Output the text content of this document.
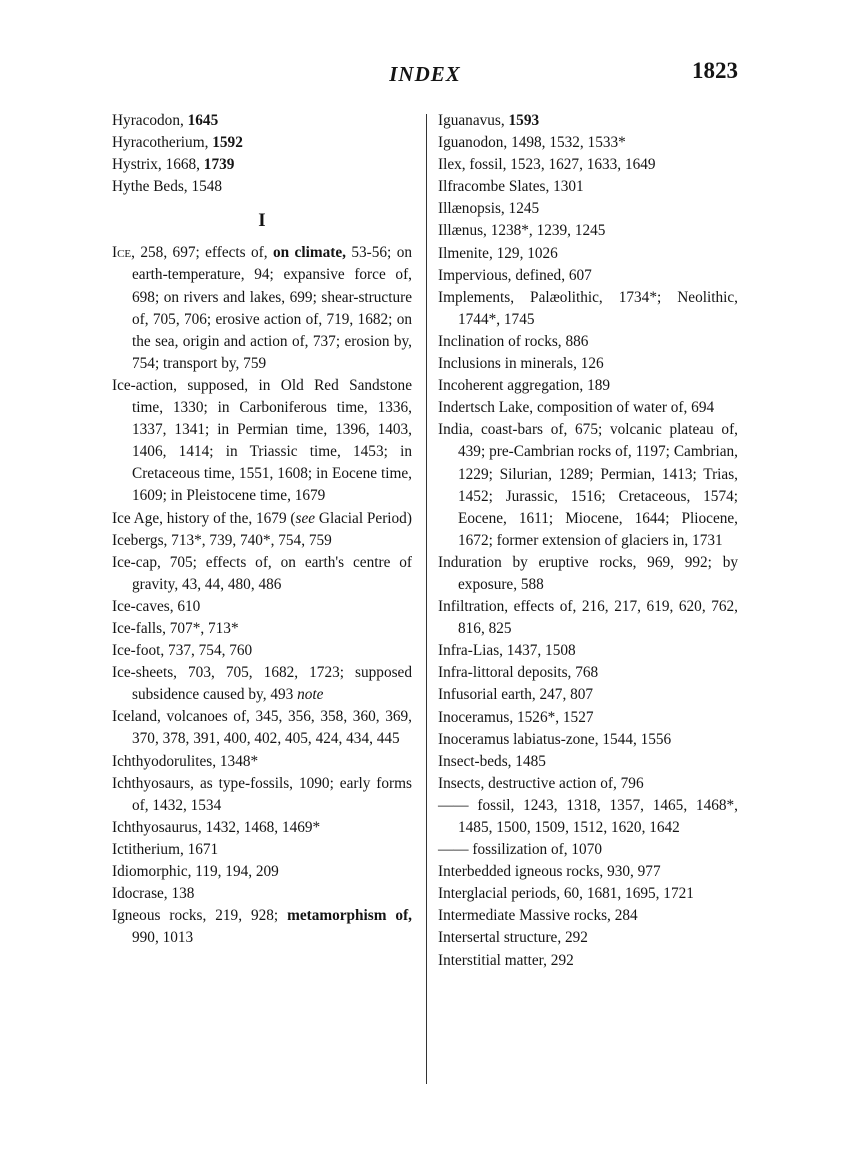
INDEX	1823
Hyracodon, 1645
Hyracotherium, 1592
Hystrix, 1668, 1739
Hythe Beds, 1548
I
Ice, 258, 697; effects of, on climate, 53-56; on earth-temperature, 94; expansive force of, 698; on rivers and lakes, 699; shear-structure of, 705, 706; erosive action of, 719, 1682; on the sea, origin and action of, 737; erosion by, 754; transport by, 759
Ice-action, supposed, in Old Red Sandstone time, 1330; in Carboniferous time, 1336, 1337, 1341; in Permian time, 1396, 1403, 1406, 1414; in Triassic time, 1453; in Cretaceous time, 1551, 1608; in Eocene time, 1609; in Pleistocene time, 1679
Ice Age, history of the, 1679 (see Glacial Period)
Icebergs, 713*, 739, 740*, 754, 759
Ice-cap, 705; effects of, on earth's centre of gravity, 43, 44, 480, 486
Ice-caves, 610
Ice-falls, 707*, 713*
Ice-foot, 737, 754, 760
Ice-sheets, 703, 705, 1682, 1723; supposed subsidence caused by, 493 note
Iceland, volcanoes of, 345, 356, 358, 360, 369, 370, 378, 391, 400, 402, 405, 424, 434, 445
Ichthyodorulites, 1348*
Ichthyosaurs, as type-fossils, 1090; early forms of, 1432, 1534
Ichthyosaurus, 1432, 1468, 1469*
Ictitherium, 1671
Idiomorphic, 119, 194, 209
Idocrase, 138
Igneous rocks, 219, 928; metamorphism of, 990, 1013
Iguanavus, 1593
Iguanodon, 1498, 1532, 1533*
Ilex, fossil, 1523, 1627, 1633, 1649
Ilfracombe Slates, 1301
Illænopsis, 1245
Illænus, 1238*, 1239, 1245
Ilmenite, 129, 1026
Impervious, defined, 607
Implements, Palæolithic, 1734*; Neolithic, 1744*, 1745
Inclination of rocks, 886
Inclusions in minerals, 126
Incoherent aggregation, 189
Indertsch Lake, composition of water of, 694
India, coast-bars of, 675; volcanic plateau of, 439; pre-Cambrian rocks of, 1197; Cambrian, 1229; Silurian, 1289; Permian, 1413; Trias, 1452; Jurassic, 1516; Cretaceous, 1574; Eocene, 1611; Miocene, 1644; Pliocene, 1672; former extension of glaciers in, 1731
Induration by eruptive rocks, 969, 992; by exposure, 588
Infiltration, effects of, 216, 217, 619, 620, 762, 816, 825
Infra-Lias, 1437, 1508
Infra-littoral deposits, 768
Infusorial earth, 247, 807
Inoceramus, 1526*, 1527
Inoceramus labiatus-zone, 1544, 1556
Insect-beds, 1485
Insects, destructive action of, 796
—— fossil, 1243, 1318, 1357, 1465, 1468*, 1485, 1500, 1509, 1512, 1620, 1642
—— fossilization of, 1070
Interbedded igneous rocks, 930, 977
Interglacial periods, 60, 1681, 1695, 1721
Intermediate Massive rocks, 284
Intersertal structure, 292
Interstitial matter, 292
